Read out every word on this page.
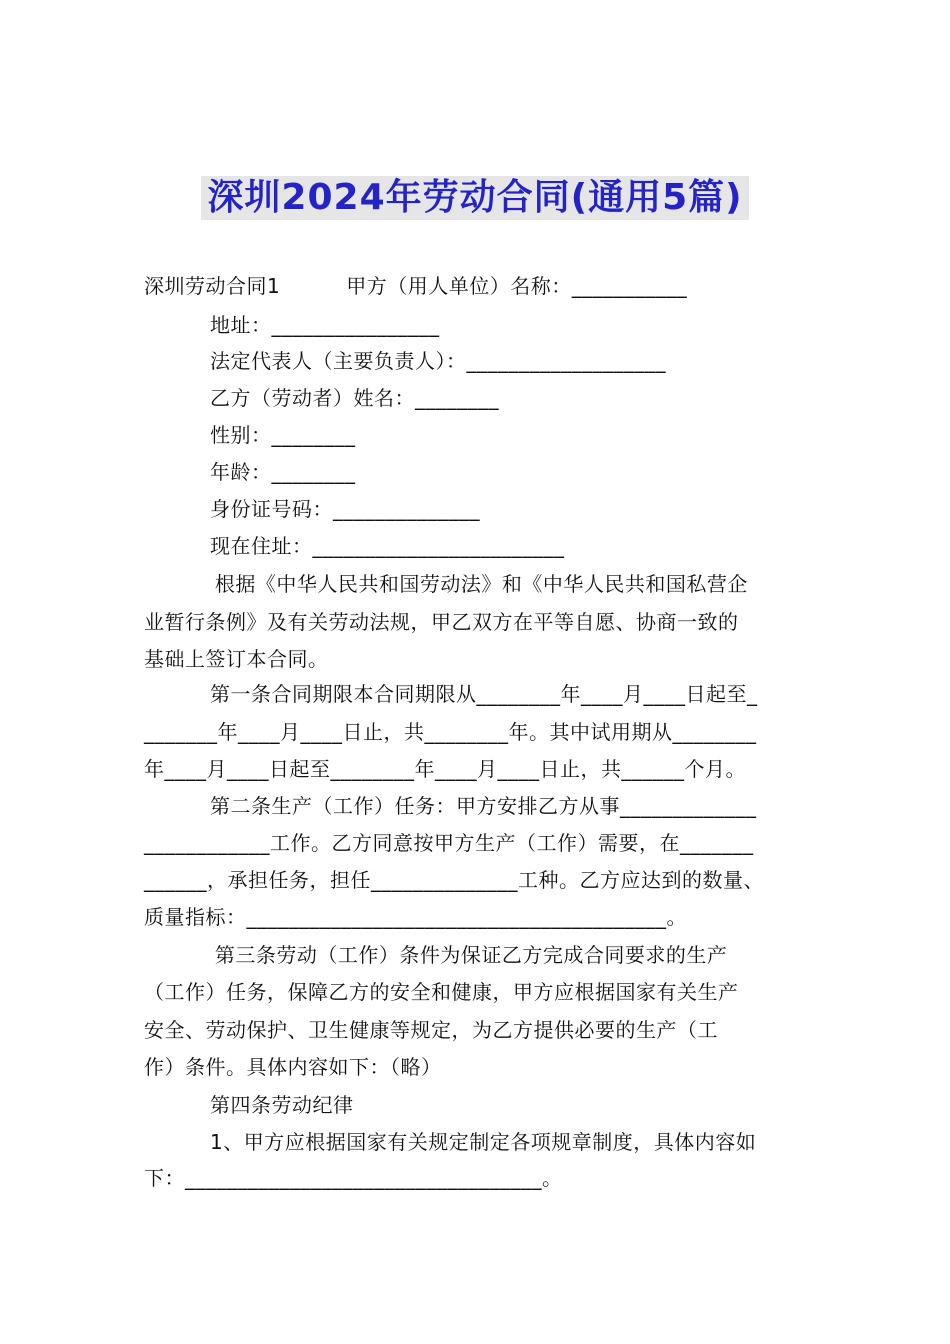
深圳2024年劳动合同(通用5篇)
深圳劳动合同1	甲方（用人单位）名称：___________
地址：________________
法定代表人（主要负责人）：___________________
乙方（劳动者）姓名：________
性别：________
年龄：________
身份证号码：______________
现在住址：________________________
根据《中华人民共和国劳动法》和《中华人民共和国私营企
业暂行条例》及有关劳动法规，甲乙双方在平等自愿、协商一致的
基础上签订本合同。
第一条合同期限本合同期限从________年____月____日起至_
_______年____月____日止，共________年。其中试用期从________
年____月____日起至________年____月____日止，共______个月。
第二条生产（工作）任务：甲方安排乙方从事_____________
____________工作。乙方同意按甲方生产（工作）需要，在_______
______，承担任务，担任______________工种。乙方应达到的数量、
质量指标：________________________________________。
第三条劳动（工作）条件为保证乙方完成合同要求的生产
（工作）任务，保障乙方的安全和健康，甲方应根据国家有关生产
安全、劳动保护、卫生健康等规定，为乙方提供必要的生产（工
作）条件。具体内容如下：（略）
第四条劳动纪律
1、甲方应根据国家有关规定制定各项规章制度，具体内容如
下：__________________________________。
